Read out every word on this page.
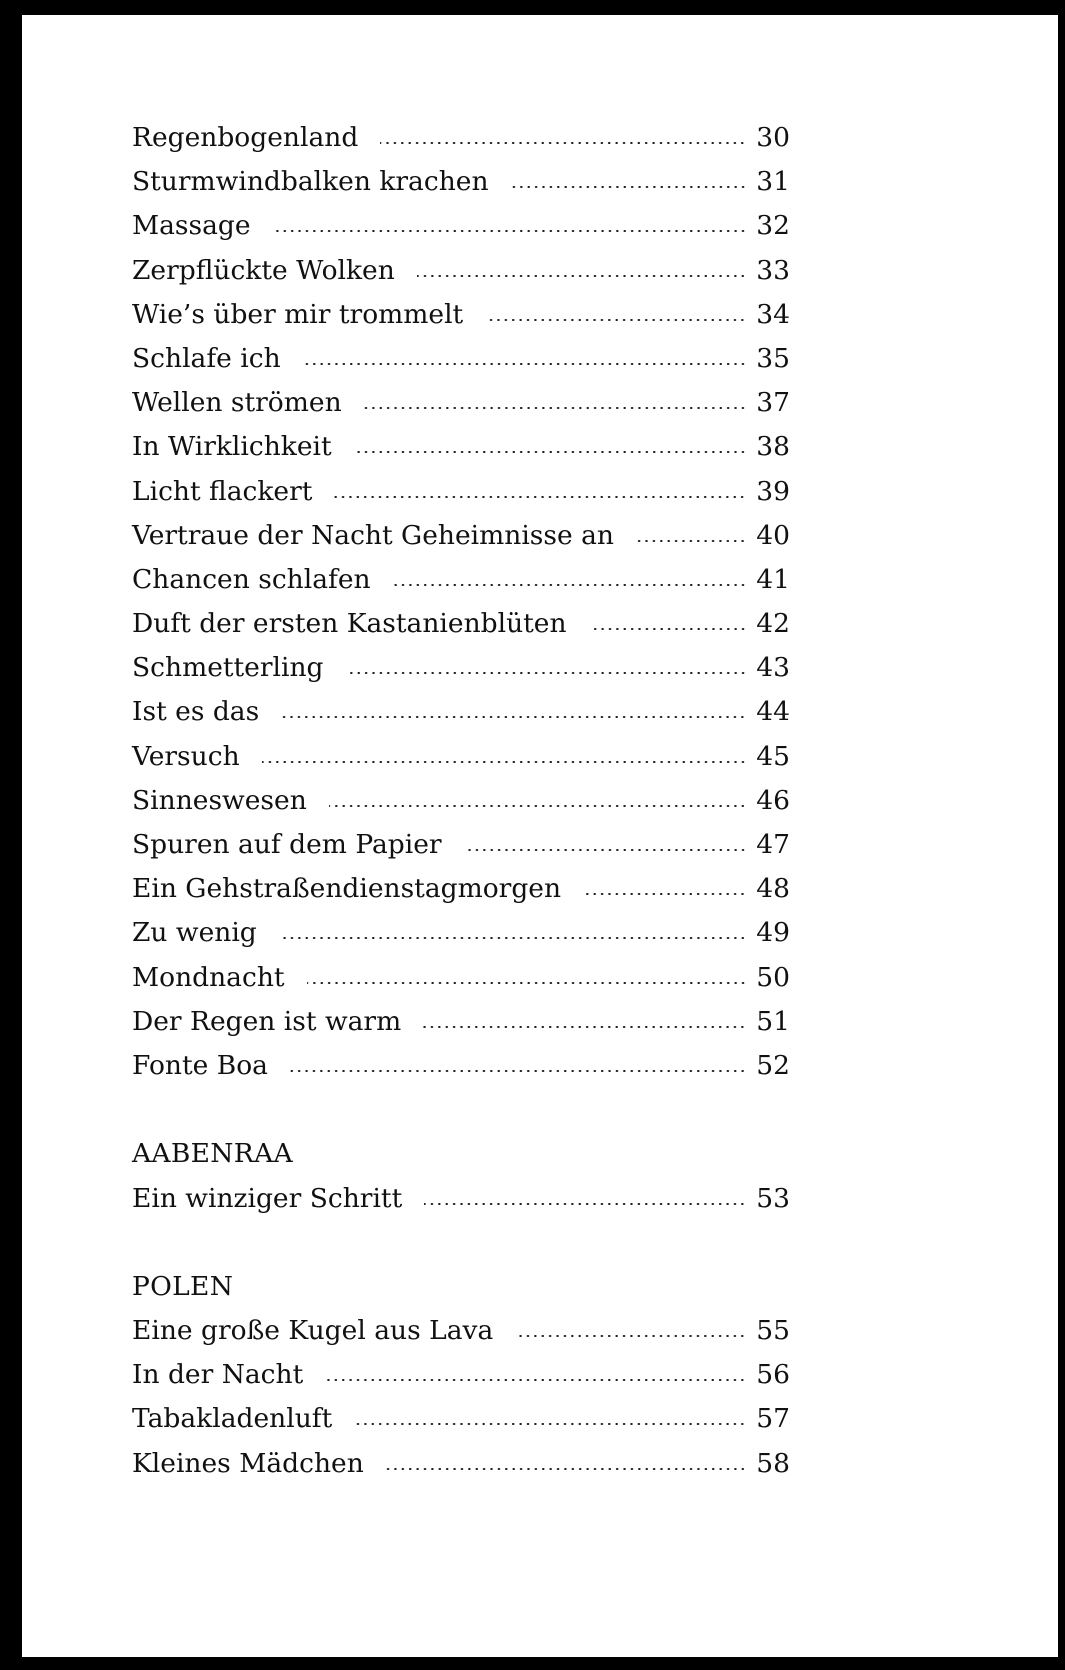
Regenbogenland	30
Sturmwindbalken krachen	31
Massage	32
Zerpflückte Wolken	33
Wie’s über mir trommelt	34
Schlafe ich	35
Wellen strömen	37
In Wirklichkeit	38
Licht flackert	39
Vertraue der Nacht Geheimnisse an	40
Chancen schlafen	41
Duft der ersten Kastanienblüten	42
Schmetterling	43
Ist es das	44
Versuch	45
Sinneswesen	46
Spuren auf dem Papier	47
Ein Gehstraßendienstagmorgen	48
Zu wenig	49
Mondnacht	50
Der Regen ist warm	51
Fonte Boa	52
AABENRAA
Ein winziger Schritt	53
POLEN
Eine große Kugel aus Lava	55
In der Nacht	56
Tabakladenluft	57
Kleines Mädchen	58
